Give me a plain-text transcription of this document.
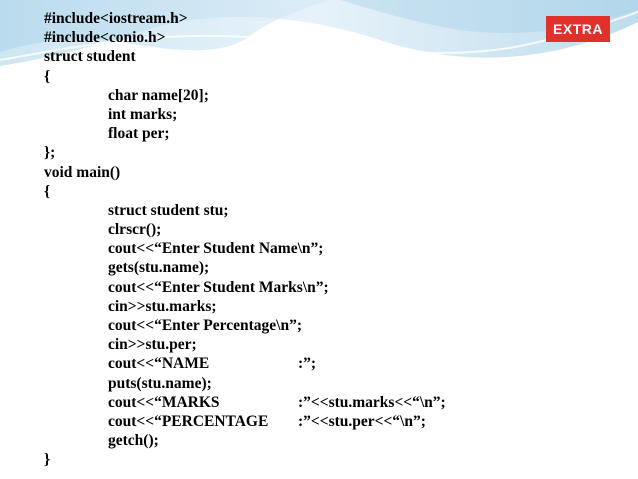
EXTRA
#include<iostream.h>
#include<conio.h>
struct student
{
char name[20];
int marks;
float per;
};
void main()
{
struct student stu;
clrscr();
cout<<“Enter Student Name\n”;
gets(stu.name);
cout<<“Enter Student Marks\n”;
cin>>stu.marks;
cout<<“Enter Percentage\n”;
cin>>stu.per;
cout<<“NAME	:”;
puts(stu.name);
cout<<“MARKS	:”<<stu.marks<<“\n”;
cout<<“PERCENTAGE :”<<stu.per<<“\n”;
getch();
}
